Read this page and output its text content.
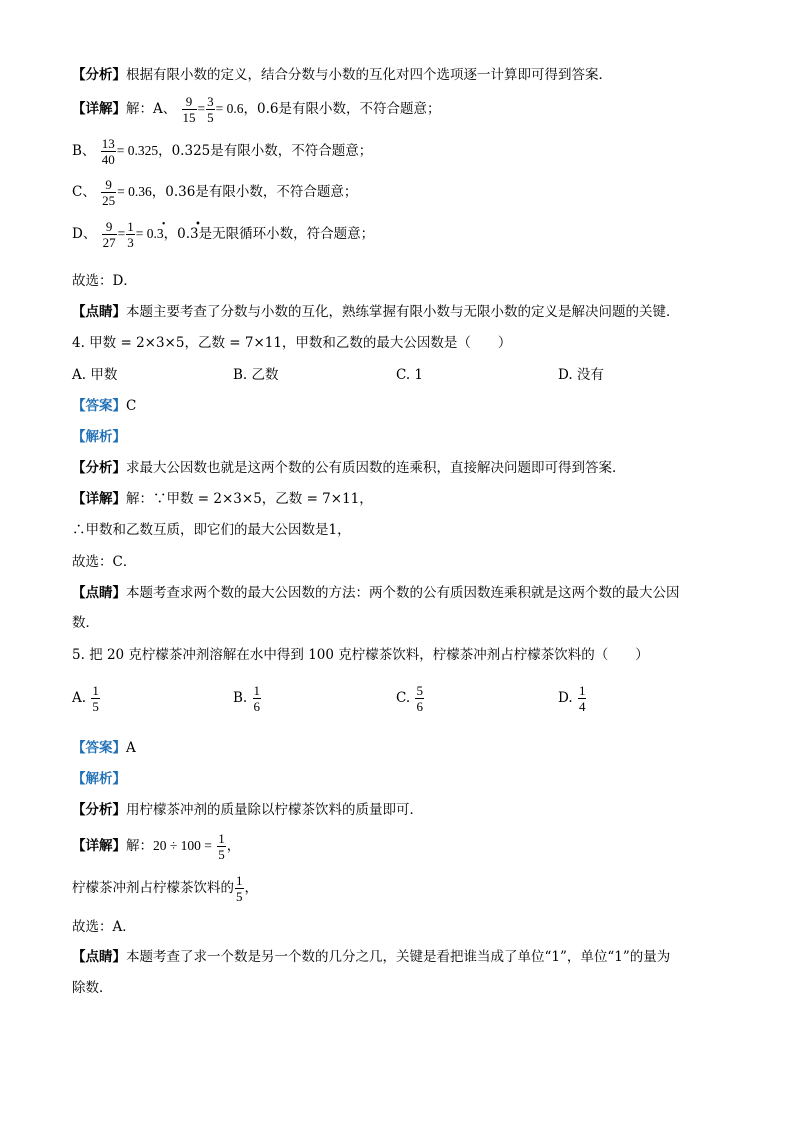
【分析】根据有限小数的定义，结合分数与小数的互化对四个选项逐一计算即可得到答案．
【详解】解：A、 $\frac{9}{15} = \frac{3}{5} = 0.6$，0.6是有限小数，不符合题意；
B、 $\frac{13}{40} = 0.325$，0.325是有限小数，不符合题意；
C、 $\frac{9}{25} = 0.36$，0.36是有限小数，不符合题意；
D、 $\frac{9}{27} = \frac{1}{3} = 0$.
•
3，0.
•
3是无限循环小数，符合题意；
故选：D．
【点睛】本题主要考查了分数与小数的互化，熟练掌握有限小数与无限小数的定义是解决问题的关键．
4. 甲数 = 2×3×5，乙数 = 7×11，甲数和乙数的最大公因数是（　　）
A. 甲数	B. 乙数	C. 1	D. 没有
【答案】C
【解析】
【分析】求最大公因数也就是这两个数的公有质因数的连乘积，直接解决问题即可得到答案．
【详解】解：∵甲数 = 2×3×5，乙数 = 7×11，
∴甲数和乙数互质，即它们的最大公因数是1，
故选：C．
【点睛】本题考查求两个数的最大公因数的方法：两个数的公有质因数连乘积就是这两个数的最大公因
数．
5. 把 20 克柠檬茶冲剂溶解在水中得到 100 克柠檬茶饮料，柠檬茶冲剂占柠檬茶饮料的（　　）
A. $\frac{1}{5}$	B. $\frac{1}{6}$	C. $\frac{5}{6}$	D. $\frac{1}{4}$
【答案】A
【解析】
【分析】用柠檬茶冲剂的质量除以柠檬茶饮料的质量即可．
【详解】解：$20 \div 100 = \frac{1}{5}$ ，
柠檬茶冲剂占柠檬茶饮料的 $\frac{1}{5}$ ，
故选：A．
【点睛】本题考查了求一个数是另一个数的几分之几，关键是看把谁当成了单位“1”，单位“1”的量为
除数．
